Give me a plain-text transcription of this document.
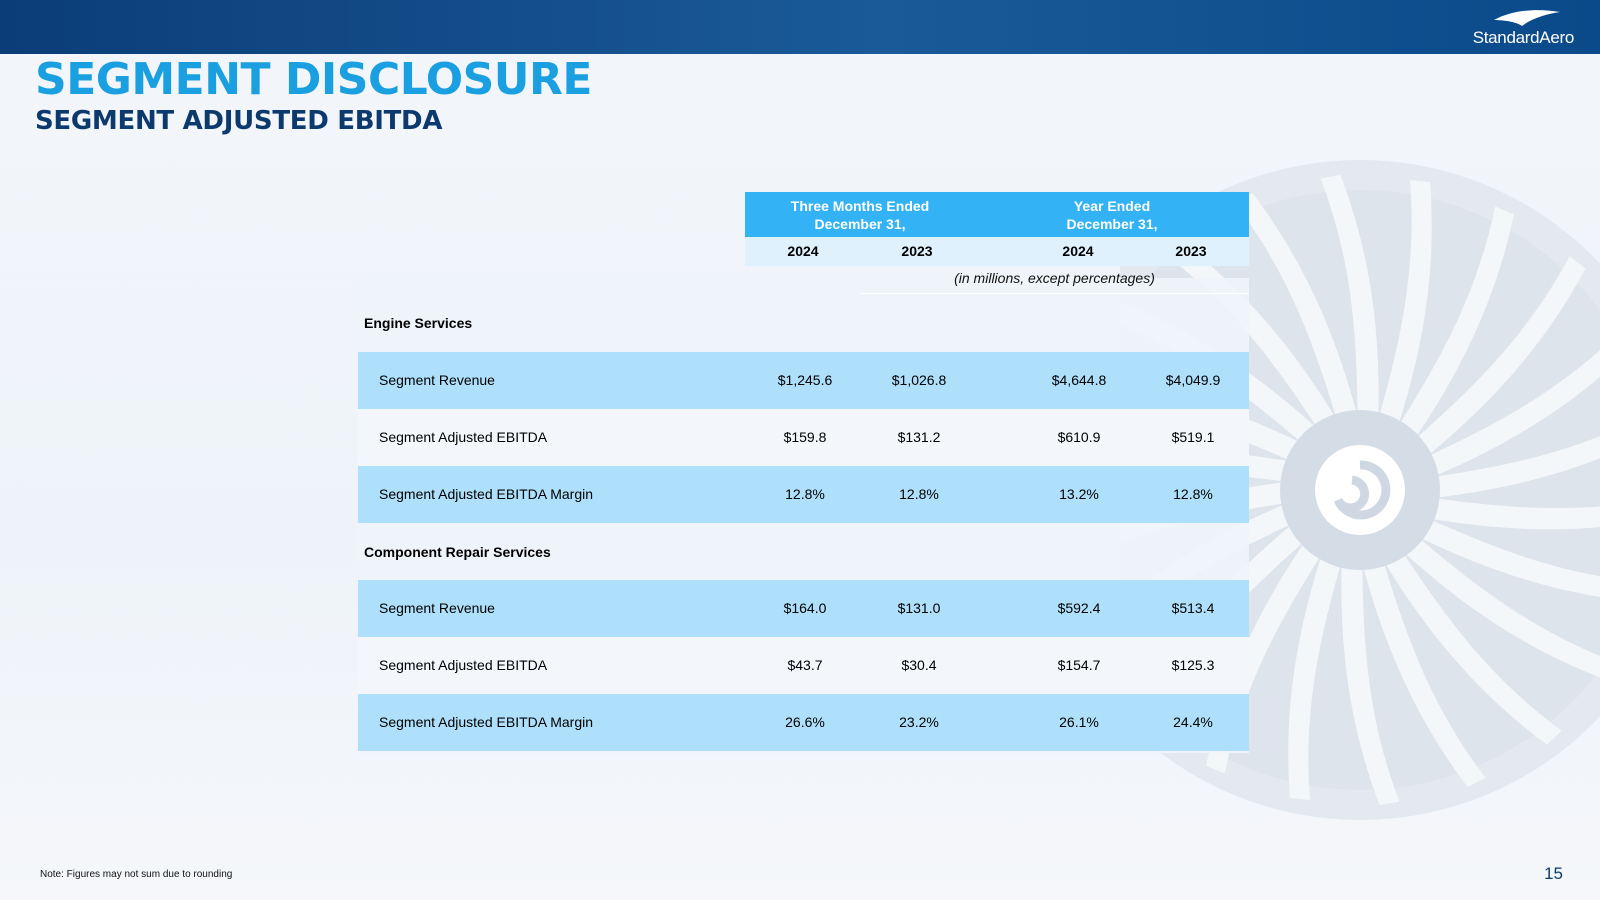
StandardAero
SEGMENT DISCLOSURE
SEGMENT ADJUSTED EBITDA
Three Months Ended
December 31,
Year Ended
December 31,
2024	2023	2024	2023
(in millions, except percentages)
Engine Services
Segment Revenue	$1,245.6	$1,026.8	$4,644.8	$4,049.9
Segment Adjusted EBITDA	$159.8	$131.2	$610.9	$519.1
Segment Adjusted EBITDA Margin	12.8%	12.8%	13.2%	12.8%
Component Repair Services
Segment Revenue	$164.0	$131.0	$592.4	$513.4
Segment Adjusted EBITDA	$43.7	$30.4	$154.7	$125.3
Segment Adjusted EBITDA Margin	26.6%	23.2%	26.1%	24.4%
Note: Figures may not sum due to rounding	15
